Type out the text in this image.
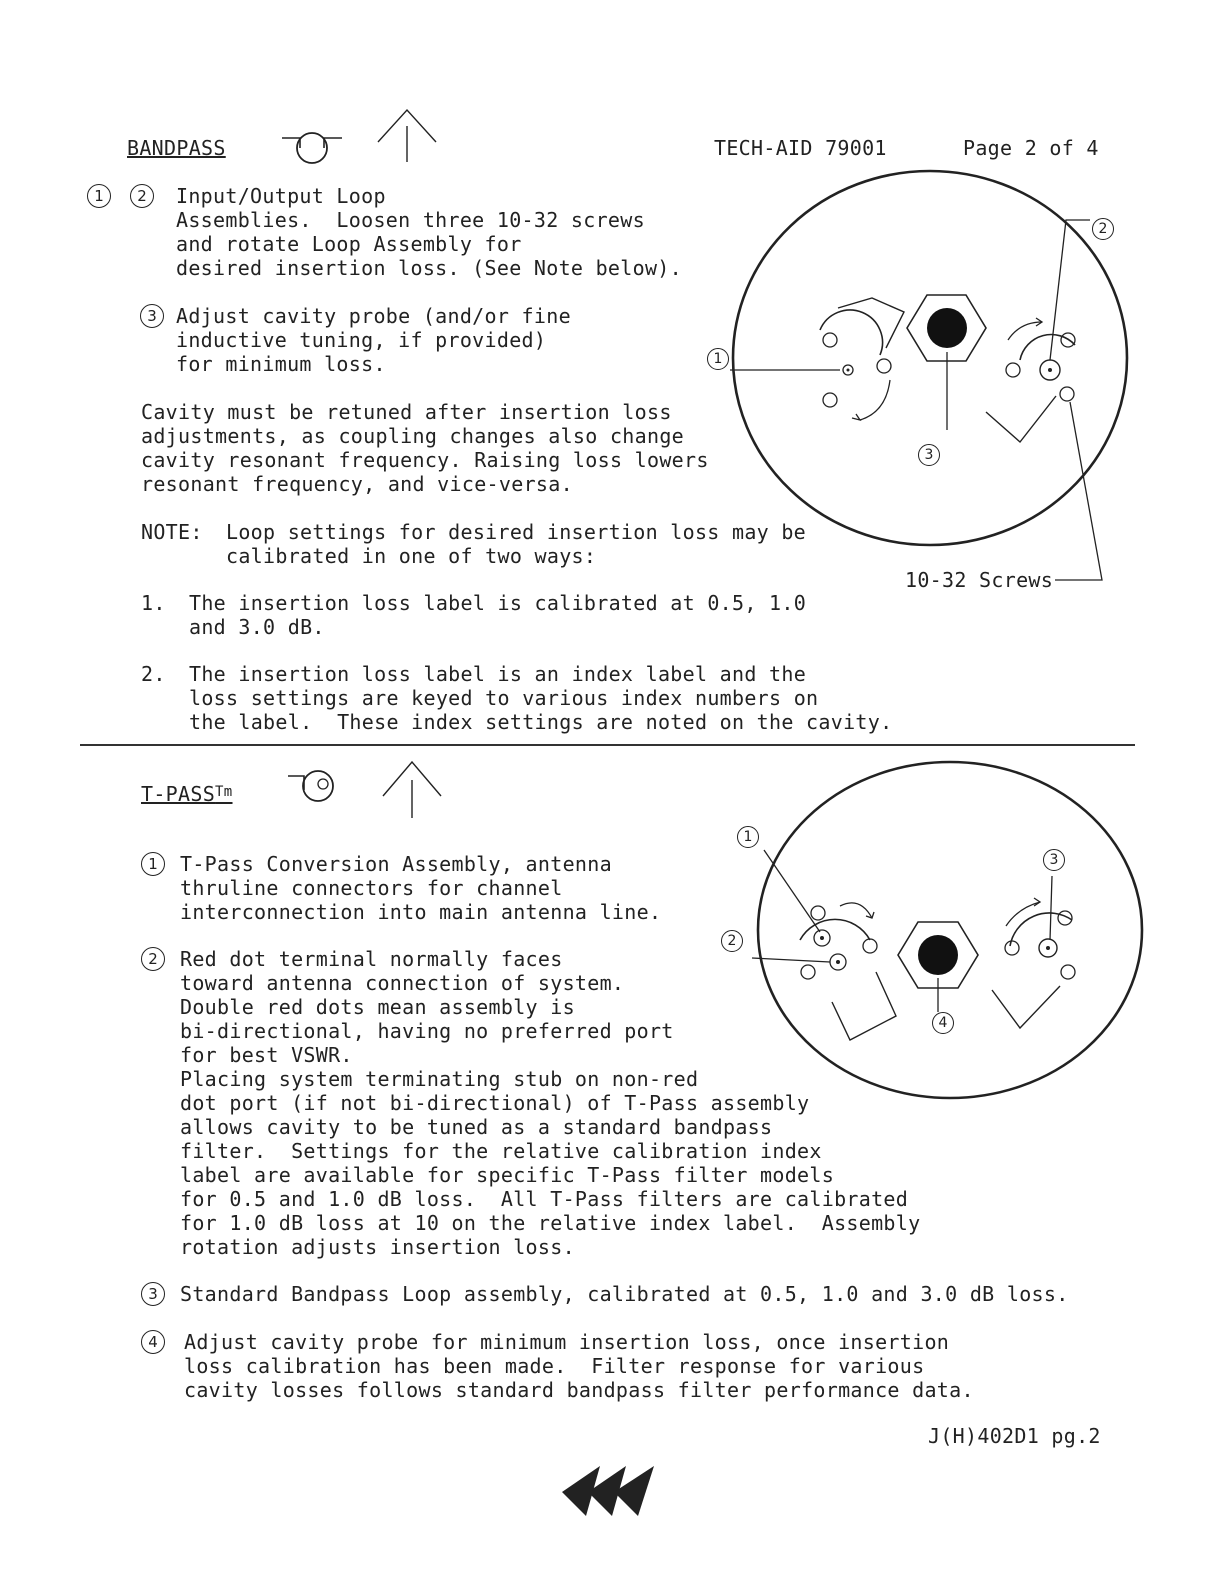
BANDPASS	TECH-AID 79001	Page 2 of 4
1	2	Input/Output Loop
Assemblies.  Loosen three 10-32 screws
and rotate Loop Assembly for
desired insertion loss. (See Note below).
3 Adjust cavity probe (and/or fine
inductive tuning, if provided)
for minimum loss.
Cavity must be retuned after insertion loss
adjustments, as coupling changes also change
cavity resonant frequency. Raising loss lowers
resonant frequency, and vice-versa.
NOTE: Loop settings for desired insertion loss may be
calibrated in one of two ways:
1. The insertion loss label is calibrated at 0.5, 1.0
and 3.0 dB.
2. The insertion loss label is an index label and the
loss settings are keyed to various index numbers on
the label.  These index settings are noted on the cavity.
1
2
3
10-32 Screws
$T-PASS^{Tm}$
1	T-Pass Conversion Assembly, antenna
thruline connectors for channel
interconnection into main antenna line.
2	Red dot terminal normally faces
toward antenna connection of system.
Double red dots mean assembly is
bi-directional, having no preferred port
for best VSWR.
Placing system terminating stub on non-red
dot port (if not bi-directional) of T-Pass assembly
allows cavity to be tuned as a standard bandpass
filter.  Settings for the relative calibration index
label are available for specific T-Pass filter models
for 0.5 and 1.0 dB loss.  All T-Pass filters are calibrated
for 1.0 dB loss at 10 on the relative index label.  Assembly
rotation adjusts insertion loss.
3	Standard Bandpass Loop assembly, calibrated at 0.5, 1.0 and 3.0 dB loss.
4	Adjust cavity probe for minimum insertion loss, once insertion
loss calibration has been made.  Filter response for various
cavity losses follows standard bandpass filter performance data.
1
2
3
4
J(H)402D1 pg.2
